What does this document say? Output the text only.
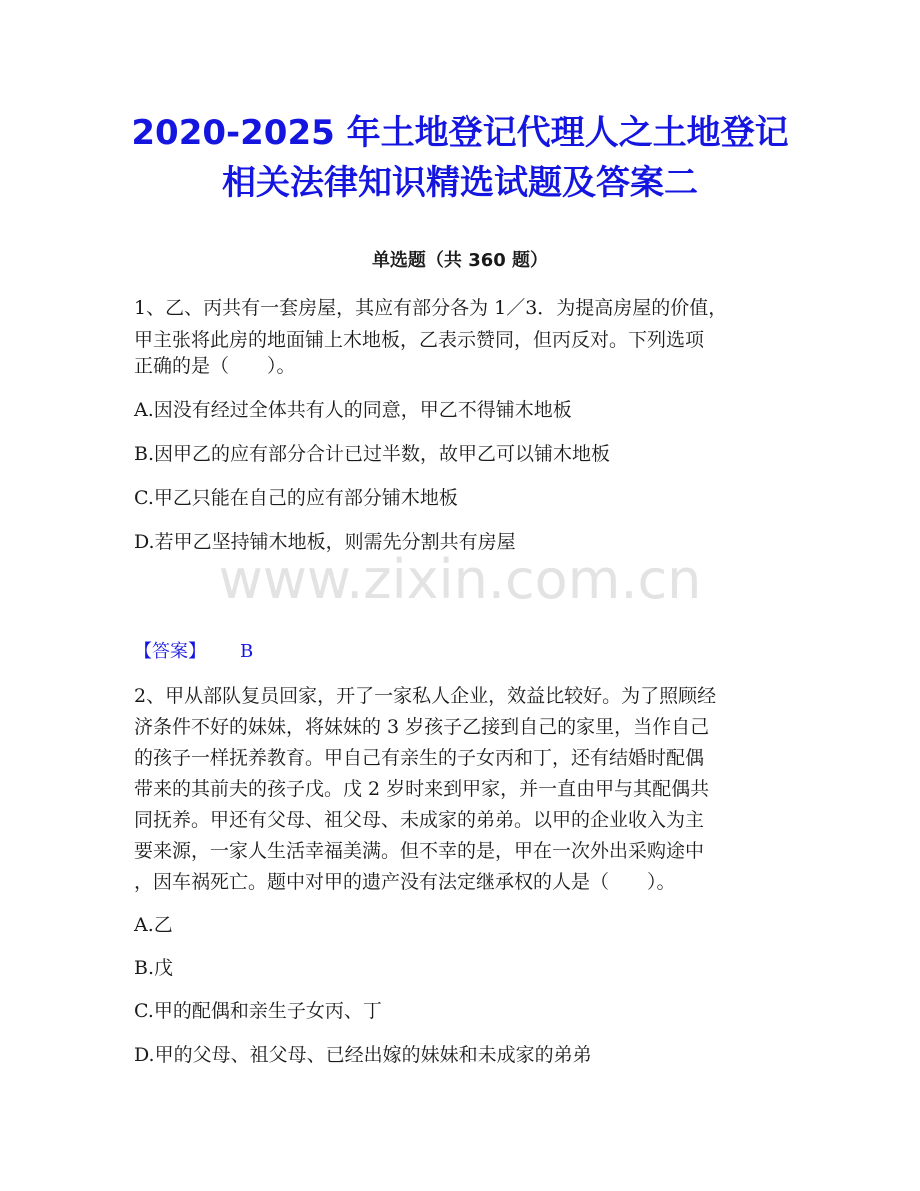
www.zixin.com.cn
2020-2025 年土地登记代理人之土地登记
相关法律知识精选试题及答案二
单选题（共 360 题）
1、乙、丙共有一套房屋，其应有部分各为 1／3．为提高房屋的价值，
甲主张将此房的地面铺上木地板，乙表示赞同，但丙反对。下列选项
正确的是（　　）。
A.因没有经过全体共有人的同意，甲乙不得铺木地板
B.因甲乙的应有部分合计已过半数，故甲乙可以铺木地板
C.甲乙只能在自己的应有部分铺木地板
D.若甲乙坚持铺木地板，则需先分割共有房屋
【答案】 B
2、甲从部队复员回家，开了一家私人企业，效益比较好。为了照顾经
济条件不好的妹妹，将妹妹的 3 岁孩子乙接到自己的家里，当作自己
的孩子一样抚养教育。甲自己有亲生的子女丙和丁，还有结婚时配偶
带来的其前夫的孩子戊。戊 2 岁时来到甲家，并一直由甲与其配偶共
同抚养。甲还有父母、祖父母、未成家的弟弟。以甲的企业收入为主
要来源，一家人生活幸福美满。但不幸的是，甲在一次外出采购途中
，因车祸死亡。题中对甲的遗产没有法定继承权的人是（　　）。
A.乙
B.戊
C.甲的配偶和亲生子女丙、丁
D.甲的父母、祖父母、已经出嫁的妹妹和未成家的弟弟
